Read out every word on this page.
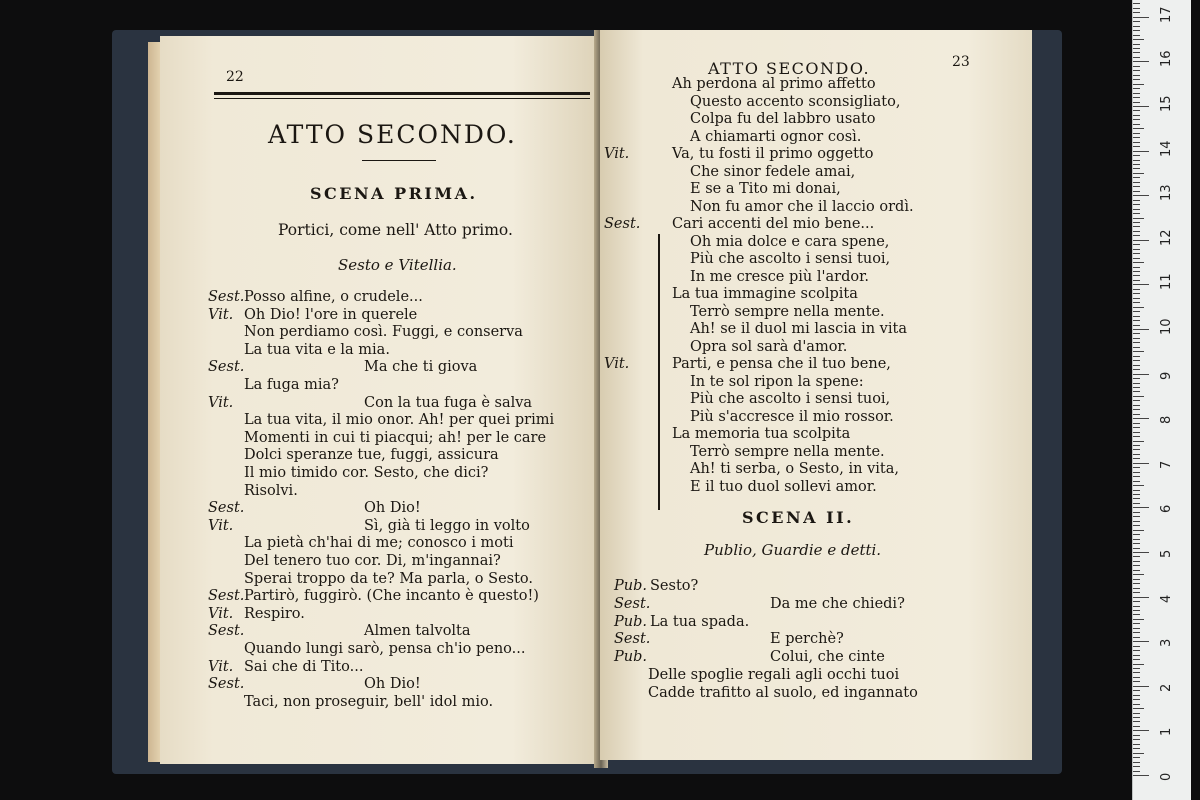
22
ATTO SECONDO.
SCENA PRIMA.
Portici, come nell' Atto primo.
Sesto e Vitellia.
Sest. Posso alfine, o crudele...
Vit. Oh Dio! l'ore in querele
Non perdiamo così. Fuggi, e conserva
La tua vita e la mia.
Sest.	Ma che ti giova
La fuga mia?
Vit.	Con la tua fuga è salva
La tua vita, il mio onor. Ah! per quei primi
Momenti in cui ti piacqui; ah! per le care
Dolci speranze tue, fuggi, assicura
Il mio timido cor. Sesto, che dici?
Risolvi.
Sest.	Oh Dio!
Vit.	Sì, già ti leggo in volto
La pietà ch'hai di me; conosco i moti
Del tenero tuo cor. Di, m'ingannai?
Sperai troppo da te? Ma parla, o Sesto.
Sest. Partirò, fuggirò. (Che incanto è questo!)
Vit. Respiro.
Sest.	Almen talvolta
Quando lungi sarò, pensa ch'io peno...
Vit. Sai che di Tito...
Sest.	Oh Dio!
Taci, non proseguir, bell' idol mio.
23
ATTO SECONDO.
Ah perdona al primo affetto
Questo accento sconsigliato,
Colpa fu del labbro usato
A chiamarti ognor così.
Vit.	Va, tu fosti il primo oggetto
Che sinor fedele amai,
E se a Tito mi donai,
Non fu amor che il laccio ordì.
Sest. Cari accenti del mio bene...
Oh mia dolce e cara spene,
Più che ascolto i sensi tuoi,
In me cresce più l'ardor.
La tua immagine scolpita
Terrò sempre nella mente.
Ah! se il duol mi lascia in vita
Opra sol sarà d'amor.
Vit.	Parti, e pensa che il tuo bene,
In te sol ripon la spene:
Più che ascolto i sensi tuoi,
Più s'accresce il mio rossor.
La memoria tua scolpita
Terrò sempre nella mente.
Ah! ti serba, o Sesto, in vita,
E il tuo duol sollevi amor.
SCENA II.
Publio, Guardie e detti.
Pub. Sesto?
Sest.	Da me che chiedi?
Pub. La tua spada.
Sest.	E perchè?
Pub.	Colui, che cinte
Delle spoglie regali agli occhi tuoi
Cadde trafitto al suolo, ed ingannato
0
1
2
3
4
5
6
7
8
9
10
11
12
13
14
15
16
17
